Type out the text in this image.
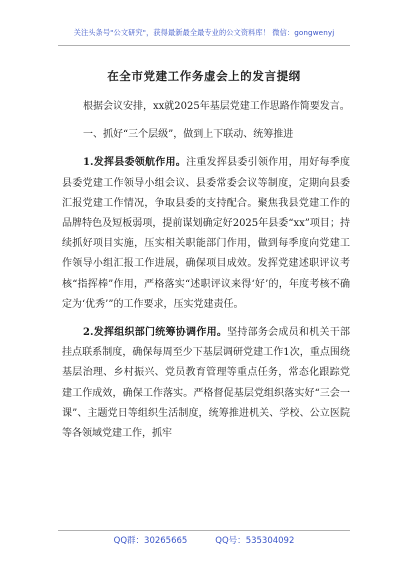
关注头条号"公文研究"，获得最新最全最专业的公文资料库！ 微信：gongwenyj
在全市党建工作务虚会上的发言提纲

根据会议安排，xx就2025年基层党建工作思路作简要发言。

一、抓好“三个层级”，做到上下联动、统筹推进

1.发挥县委领航作用。注重发挥县委引领作用，用好每季度县委党建工作领导小组会议、县委常委会议等制度，定期向县委汇报党建工作情况，争取县委的支持配合。聚焦我县党建工作的品牌特色及短板弱项，提前谋划确定好2025年县委“xx”项目；持续抓好项目实施，压实相关职能部门作用，做到每季度向党建工作领导小组汇报工作进展，确保项目成效。发挥党建述职评议考核“指挥棒”作用，严格落实“述职评议来得‘好’的，年度考核不确定为‘优秀’”的工作要求，压实党建责任。

2.发挥组织部门统筹协调作用。坚持部务会成员和机关干部挂点联系制度，确保每周至少下基层调研党建工作1次，重点围绕基层治理、乡村振兴、党员教育管理等重点任务，常态化跟踪党建工作成效，确保工作落实。严格督促基层党组织落实好“三会一课”、主题党日等组织生活制度，统筹推进机关、学校、公立医院等各领域党建工作，抓牢

QQ群：30265665	QQ号：535304092
